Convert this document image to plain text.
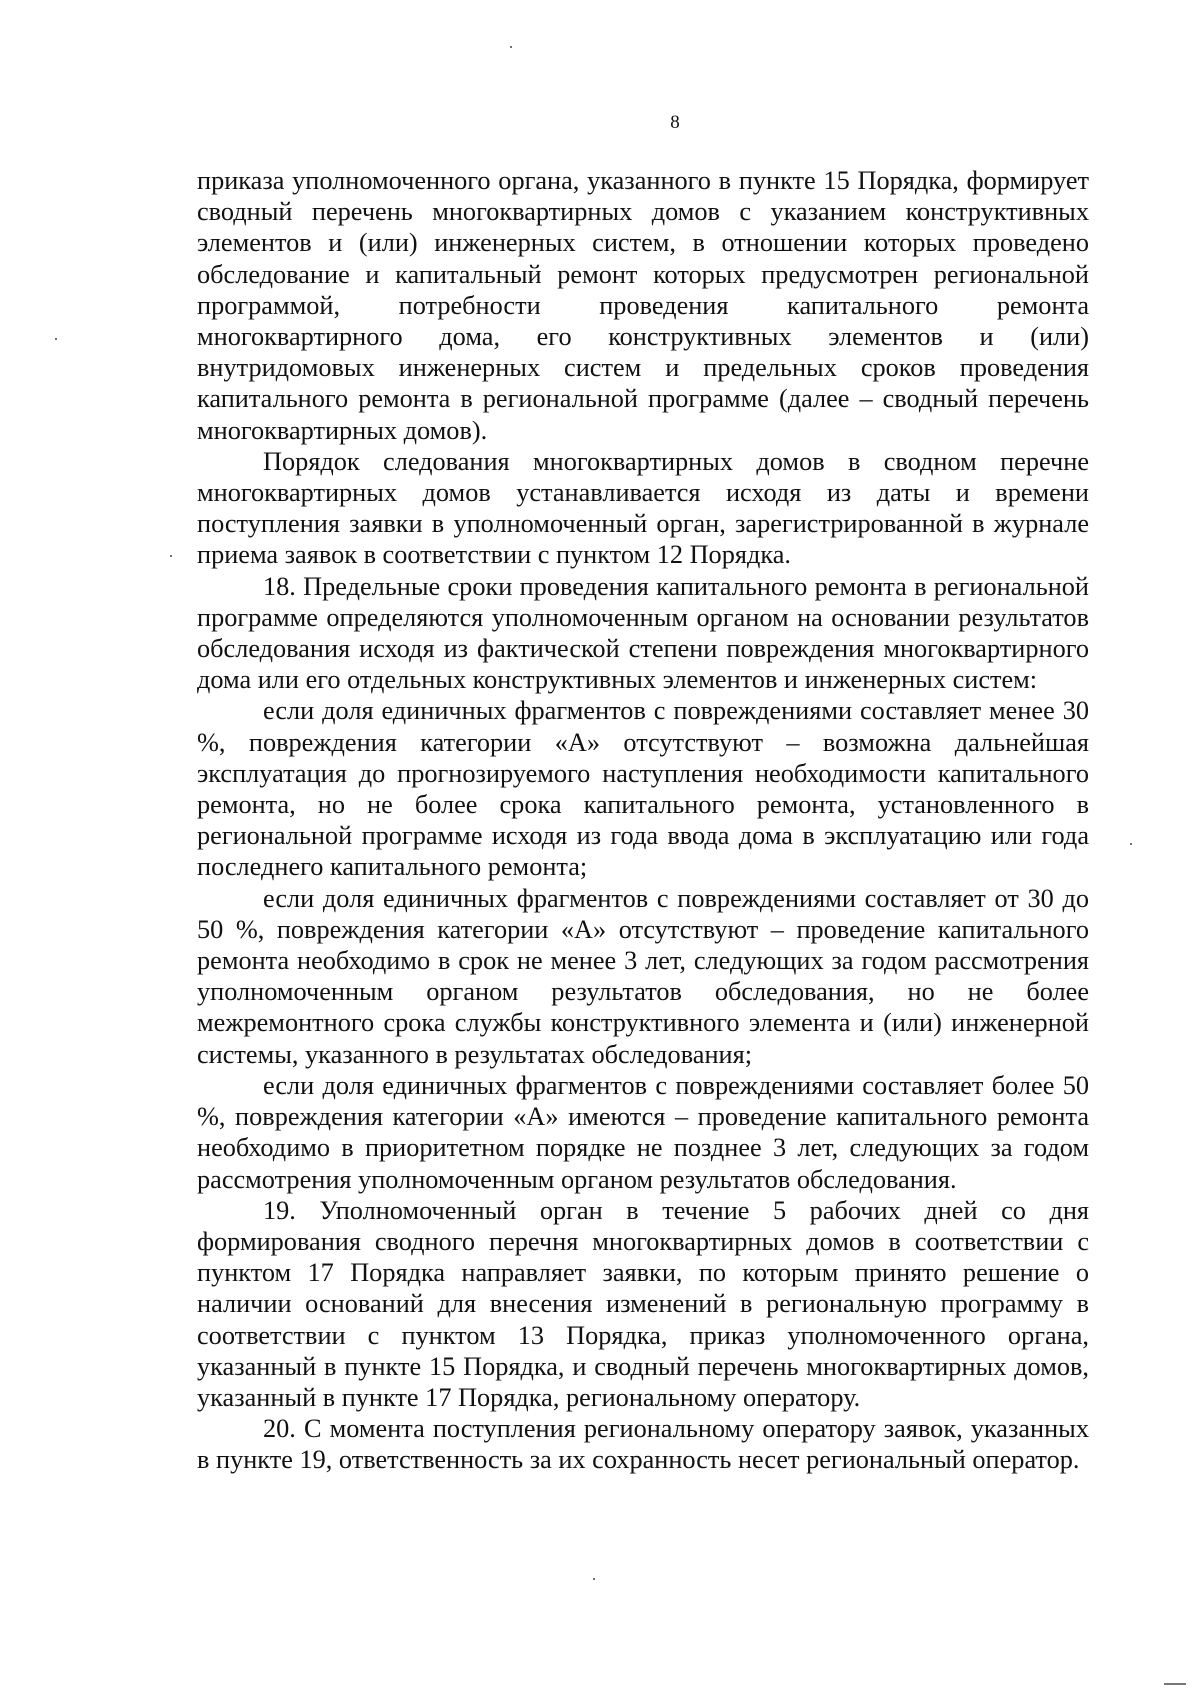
8

приказа уполномоченного органа, указанного в пункте 15 Порядка, формирует сводный перечень многоквартирных домов с указанием конструктивных элементов и (или) инженерных систем, в отношении которых проведено обследование и капитальный ремонт которых предусмотрен региональной программой, потребности проведения капитального ремонта многоквартирного дома, его конструктивных элементов и (или) внутридомовых инженерных систем и предельных сроков проведения капитального ремонта в региональной программе (далее – сводный перечень многоквартирных домов).

Порядок следования многоквартирных домов в сводном перечне многоквартирных домов устанавливается исходя из даты и времени поступления заявки в уполномоченный орган, зарегистрированной в журнале приема заявок в соответствии с пунктом 12 Порядка.

18. Предельные сроки проведения капитального ремонта в региональной программе определяются уполномоченным органом на основании результатов обследования исходя из фактической степени повреждения многоквартирного дома или его отдельных конструктивных элементов и инженерных систем:

если доля единичных фрагментов с повреждениями составляет менее 30 %, повреждения категории «А» отсутствуют – возможна дальнейшая эксплуатация до прогнозируемого наступления необходимости капитального ремонта, но не более срока капитального ремонта, установленного в региональной программе исходя из года ввода дома в эксплуатацию или года последнего капитального ремонта;

если доля единичных фрагментов с повреждениями составляет от 30 до 50 %, повреждения категории «А» отсутствуют – проведение капитального ремонта необходимо в срок не менее 3 лет, следующих за годом рассмотрения уполномоченным органом результатов обследования, но не более межремонтного срока службы конструктивного элемента и (или) инженерной системы, указанного в результатах обследования;

если доля единичных фрагментов с повреждениями составляет более 50 %, повреждения категории «А» имеются – проведение капитального ремонта необходимо в приоритетном порядке не позднее 3 лет, следующих за годом рассмотрения уполномоченным органом результатов обследования.

19. Уполномоченный орган в течение 5 рабочих дней со дня формирования сводного перечня многоквартирных домов в соответствии с пунктом 17 Порядка направляет заявки, по которым принято решение о наличии оснований для внесения изменений в региональную программу в соответствии с пунктом 13 Порядка, приказ уполномоченного органа, указанный в пункте 15 Порядка, и сводный перечень многоквартирных домов, указанный в пункте 17 Порядка, региональному оператору.

20. С момента поступления региональному оператору заявок, указанных в пункте 19, ответственность за их сохранность несет региональный оператор.
